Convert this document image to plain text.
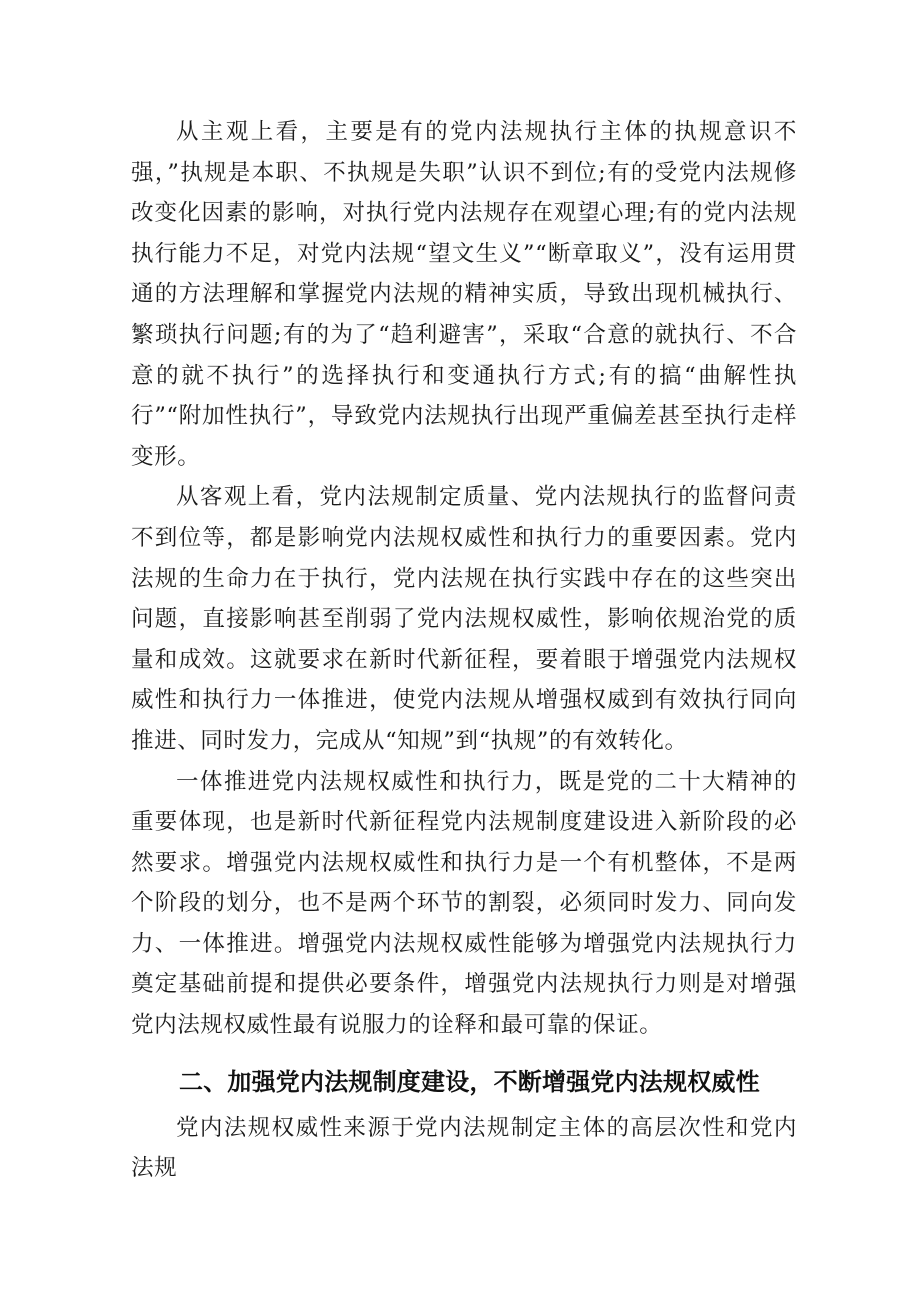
从主观上看，主要是有的党内法规执行主体的执规意识不强，”执规是本职、不执规是失职”认识不到位;有的受党内法规修改变化因素的影响，对执行党内法规存在观望心理;有的党内法规执行能力不足，对党内法规“望文生义”“断章取义”，没有运用贯通的方法理解和掌握党内法规的精神实质，导致出现机械执行、繁琐执行问题;有的为了“趋利避害”，采取“合意的就执行、不合意的就不执行”的选择执行和变通执行方式;有的搞“曲解性执行”“附加性执行”，导致党内法规执行出现严重偏差甚至执行走样变形。

从客观上看，党内法规制定质量、党内法规执行的监督问责不到位等，都是影响党内法规权威性和执行力的重要因素。党内法规的生命力在于执行，党内法规在执行实践中存在的这些突出问题，直接影响甚至削弱了党内法规权威性，影响依规治党的质量和成效。这就要求在新时代新征程，要着眼于增强党内法规权威性和执行力一体推进，使党内法规从增强权威到有效执行同向推进、同时发力，完成从“知规”到“执规”的有效转化。

一体推进党内法规权威性和执行力，既是党的二十大精神的重要体现，也是新时代新征程党内法规制度建设进入新阶段的必然要求。增强党内法规权威性和执行力是一个有机整体，不是两个阶段的划分，也不是两个环节的割裂，必须同时发力、同向发力、一体推进。增强党内法规权威性能够为增强党内法规执行力奠定基础前提和提供必要条件，增强党内法规执行力则是对增强党内法规权威性最有说服力的诠释和最可靠的保证。

二、加强党内法规制度建设，不断增强党内法规权威性

党内法规权威性来源于党内法规制定主体的高层次性和党内法规
